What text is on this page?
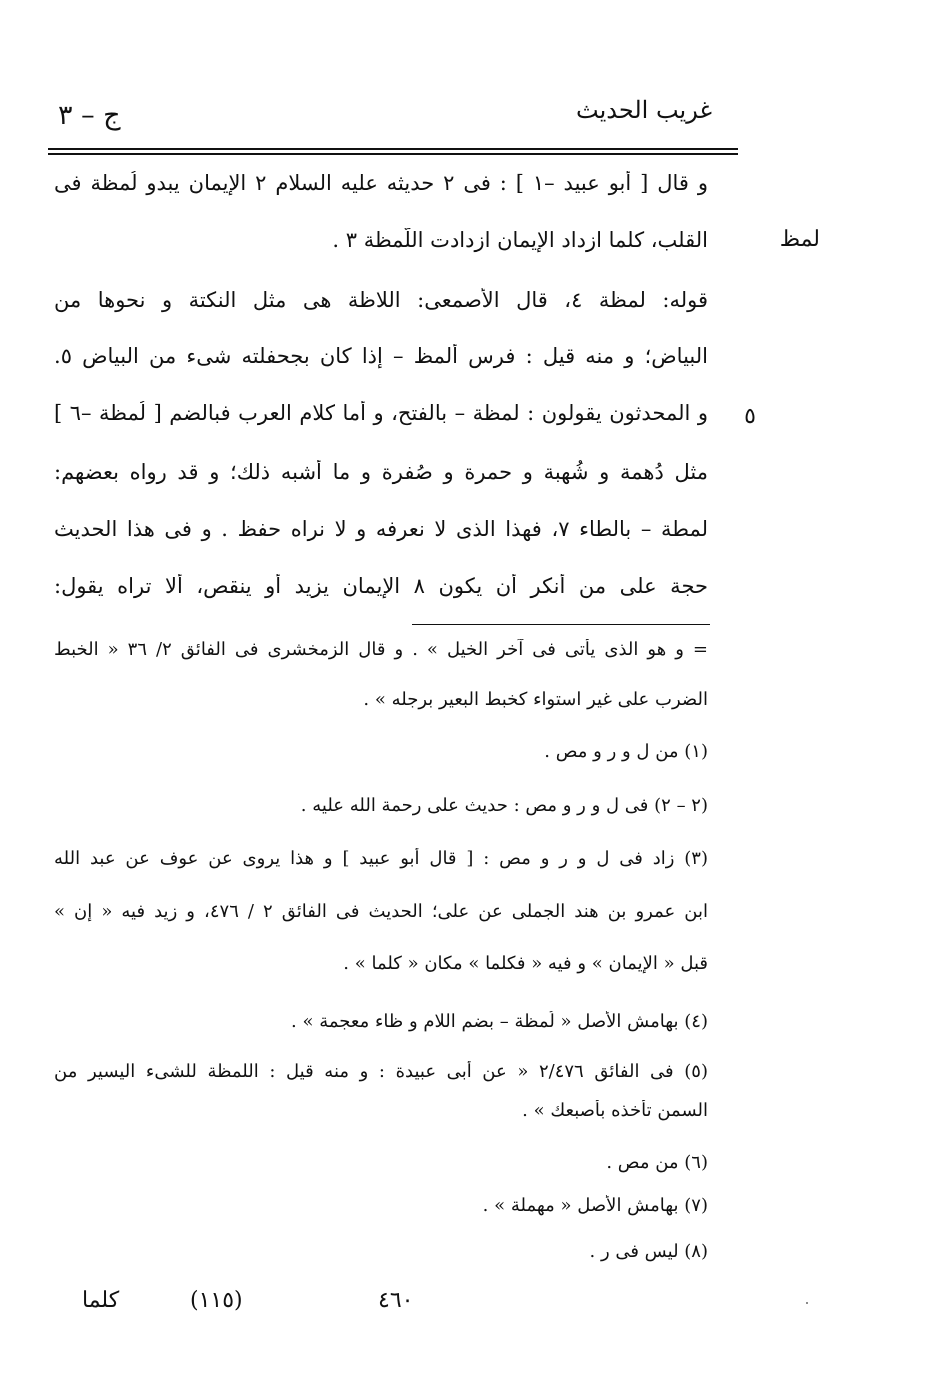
غريب الحديث
ج – ٣
لمظ
٥
و قال [ أبو عبيد –١ ] : فى ٢ حديثه عليه السلام ٢ الإيمان يبدو لُمظة فى
القلب، كلما ازداد الإيمان ازدادت اللُّمظة ٣ .
قوله: لمظة ٤، قال الأصمعى: اللاظة هى مثل النكتة و نحوها من
البياض؛ و منه قيل : فرس ألمظ – إذا كان بجحفلته شىء من البياض ٥.
و المحدثون يقولون : لمظة – بالفتح، و أما كلام العرب فبالضم [ لُمظة –٦ ]
مثل دُهمة و شُهبة و حمرة و صُفرة و ما أشبه ذلك؛ و قد رواه بعضهم:
لمطة – بالطاء ٧، فهذا الذى لا نعرفه و لا نراه حفظ . و فى هذا الحديث
حجة على من أنكر أن يكون ٨ الإيمان يزيد أو ينقص، ألا تراه يقول:
= و هو الذى يأتى فى آخر الخيل » . و قال الزمخشرى فى الفائق ٢/ ٣٦ « الخبط
الضرب على غير استواء كخبط البعير برجله » .
(١) من ل و ر و مص .
(٢ – ٢) فى ل و ر و مص : حديث على رحمة الله عليه .
(٣) زاد فى ل و ر و مص : [ قال أبو عبيد ] و هذا يروى عن عوف عن عبد الله
ابن عمرو بن هند الجملى عن على؛ الحديث فى الفائق ٢ / ٤٧٦، و زيد فيه « إن »
قبل « الإيمان » و فيه « فكلما » مكان « كلما » .
(٤) بهامش الأصل « لُمظة – بضم اللام و ظاء معجمة » .
(٥) فى الفائق ٢/٤٧٦ « عن أبى عبيدة : و منه قيل : اللمظة للشىء اليسير من
السمن تأخذه بأصبعك » .
(٦) من مص .
(٧) بهامش الأصل « مهملة » .
(٨) ليس فى ر .
كلما	(١١٥)	٤٦٠
